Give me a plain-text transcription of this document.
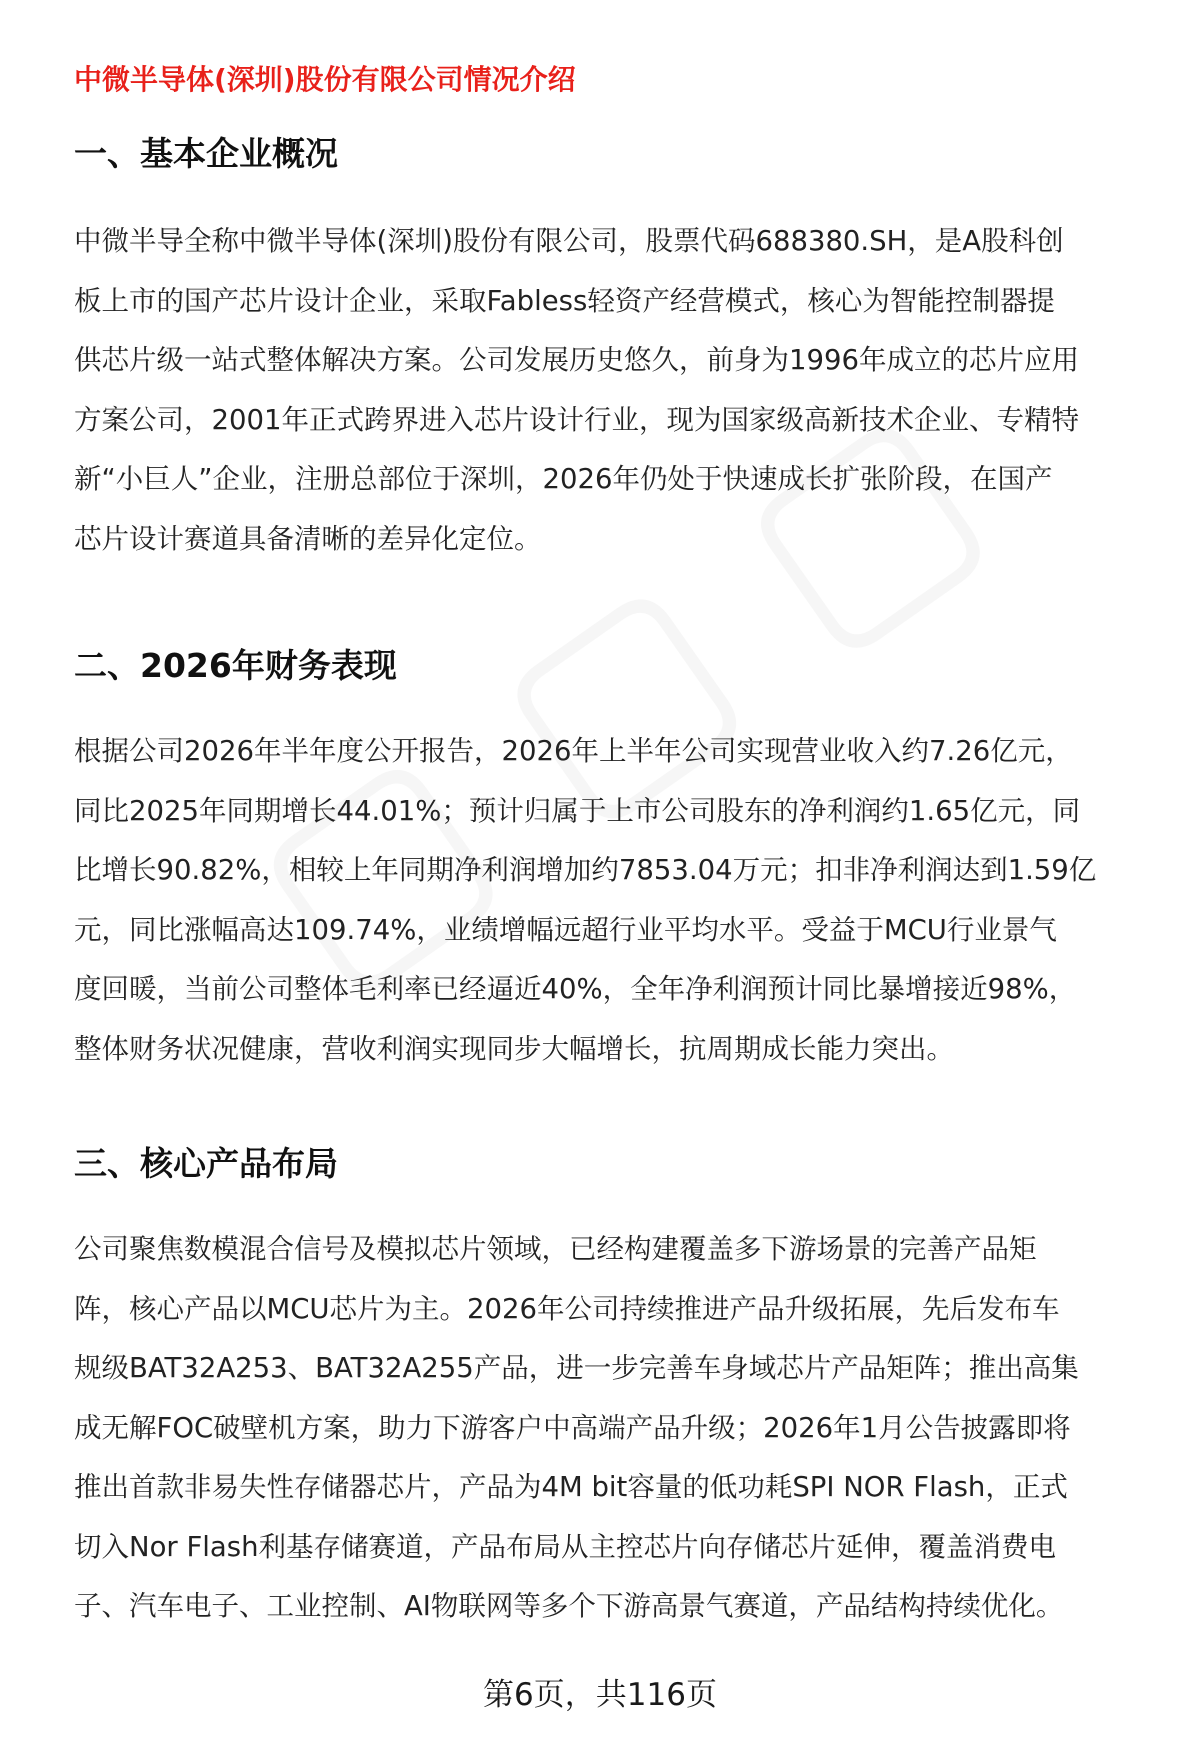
中微半导体(深圳)股份有限公司情况介绍
一、基本企业概况
中微半导全称中微半导体(深圳)股份有限公司，股票代码688380.SH，是A股科创
板上市的国产芯片设计企业，采取Fabless轻资产经营模式，核心为智能控制器提
供芯片级一站式整体解决方案。公司发展历史悠久，前身为1996年成立的芯片应用
方案公司，2001年正式跨界进入芯片设计行业，现为国家级高新技术企业、专精特
新“小巨人”企业，注册总部位于深圳，2026年仍处于快速成长扩张阶段，在国产
芯片设计赛道具备清晰的差异化定位。
二、2026年财务表现
根据公司2026年半年度公开报告，2026年上半年公司实现营业收入约7.26亿元，
同比2025年同期增长44.01%；预计归属于上市公司股东的净利润约1.65亿元，同
比增长90.82%，相较上年同期净利润增加约7853.04万元；扣非净利润达到1.59亿
元，同比涨幅高达109.74%，业绩增幅远超行业平均水平。受益于MCU行业景气
度回暖，当前公司整体毛利率已经逼近40%，全年净利润预计同比暴增接近98%，
整体财务状况健康，营收利润实现同步大幅增长，抗周期成长能力突出。
三、核心产品布局
公司聚焦数模混合信号及模拟芯片领域，已经构建覆盖多下游场景的完善产品矩
阵，核心产品以MCU芯片为主。2026年公司持续推进产品升级拓展，先后发布车
规级BAT32A253、BAT32A255产品，进一步完善车身域芯片产品矩阵；推出高集
成无解FOC破壁机方案，助力下游客户中高端产品升级；2026年1月公告披露即将
推出首款非易失性存储器芯片，产品为4M bit容量的低功耗SPI NOR Flash，正式
切入Nor Flash利基存储赛道，产品布局从主控芯片向存储芯片延伸，覆盖消费电
子、汽车电子、工业控制、AI物联网等多个下游高景气赛道，产品结构持续优化。
第6页，共116页
